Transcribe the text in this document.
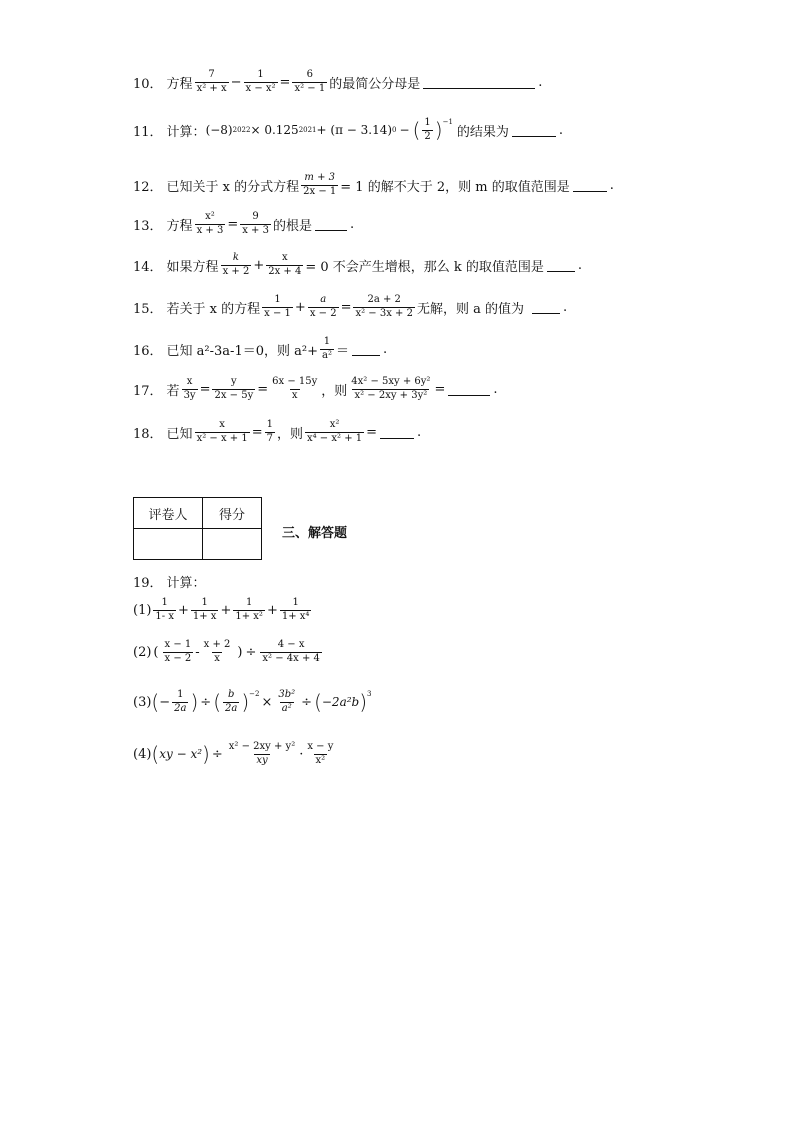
10． 方程 $\frac{7}{\text{x² + x}} - \frac{1}{\text{x − x²}} = \frac{6}{\text{x² − 1}}$ 的最简公分母是	.
11． 计算： (−8) 2022 × 0.125 2021 + (π − 3.14) 0 − ( $\frac{1}{2} )^{-1}$
的结果为	.
12． 已知关于 x 的分式方程 $\frac{m + 3}{2x - 1} = 1$ 的解不大于 2，则 m 的取值范围是	.
13． 方程 $\frac{\text{x²}}{x + 3} = \frac{9}{x + 3}$ 的根是	.
14． 如果方程 $\frac{k}{x + 2} + \frac{x}{2x + 4} = 0$ 不会产生增根，那么 k 的取值范围是	.
15． 若关于 x 的方程 $\frac{1}{x - 1} + \frac{a}{x - 2} = \frac{2a + 2}{\text{x² − 3x + 2}}$ 无解，则 a 的值为	.
16． 已知 a²-3a-1＝0，则 $a^2+ \frac{1}{\text{a²}}$ ＝	.
17． 若 $\frac{x}{3y} = \frac{y}{2x - 5y} = \frac{6x - 15y}{x}$ ，则 $\frac{\text{4x² − 5xy + 6y²}}{\text{x² − 2xy + 3y²}}$ =	.
18． 已知 $\frac{x}{\text{x² − x + 1}} = \frac{1}{7}$ ，则 $\frac{\text{x²}}{\text{x⁴ − x² + 1}}$ =	.
评卷人	得分

三、解答题
19． 计算：
$(1) \frac{1}{1- x} + \frac{1}{1+ x} + \frac{1}{\text{1+ x²}} + \frac{1}{\text{1+ x⁴}}$
(2) ( $\frac{x - 1}{x - 2} - \frac{x + 2}{x}$ ) ÷ $\frac{4 - x}{\text{x² − 4x + 4}}$
(3) ( − $\frac{1}{2a}$ ) ÷ ( $\frac{b}{2a} )^{-2}$
× $\frac{\text{3b²}}{\text{a²}}$ ÷ ( −2a²b )$^3$
(4) ( xy − x² ) ÷ $\frac{\text{x² − 2xy + y²}}{xy} \cdot \frac{x - y}{\text{x²}}$
